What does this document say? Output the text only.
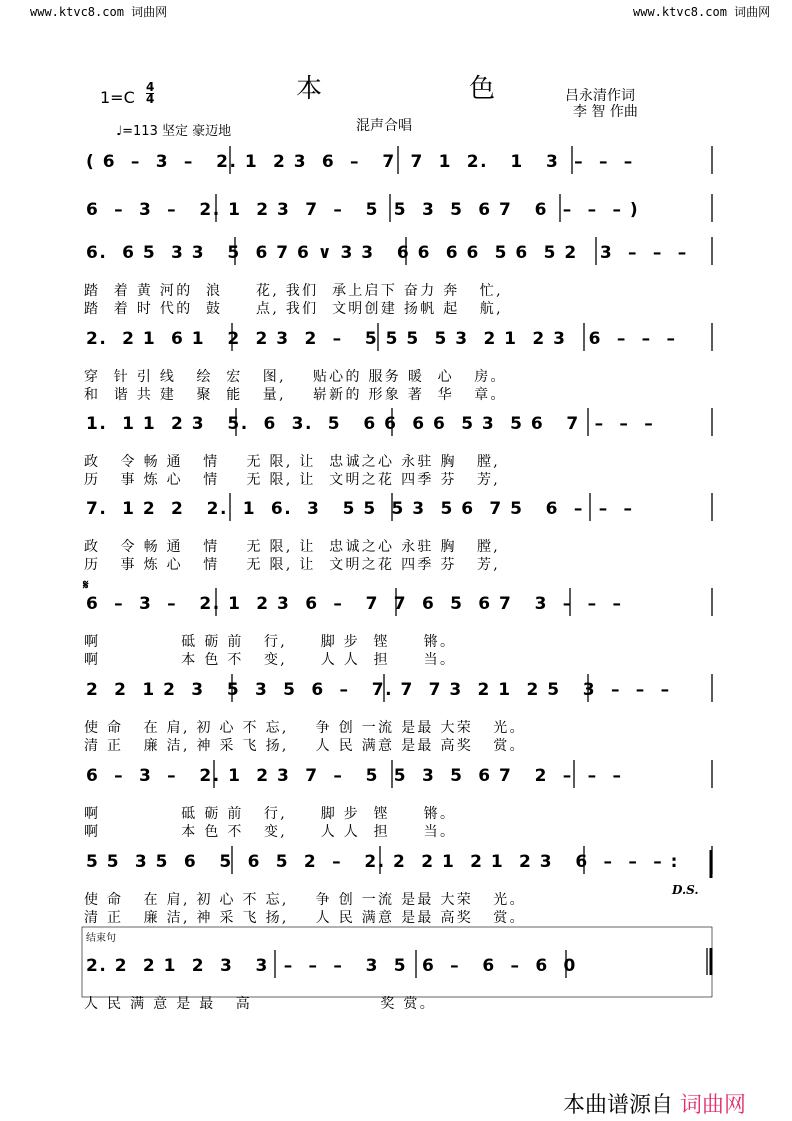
www.ktvc8.com 词曲网	www.ktvc8.com 词曲网
本	色
1=C
4
4	吕永清作词
李 智 作曲
♩=113 坚定 豪迈地	混声合唱
( 6  –  3  –   2. 1  2 3  6  –   7  7  1  2.   1   3  –  –  –
6  –  3  –   2. 1  2 3  7  –   5  5  3  5  6 7   6  –  –  – )
6.  6 5  3 3   5  6 7 6 ∨ 3 3   6 6  6 6  5 6  5 2   3  –  –  –
踏  着 黄 河的  浪     花, 我们  承上启下 奋力 奔   忙,
踏  着 时 代的  鼓     点, 我们  文明创建 扬帆 起   航,
2.  2 1  6 1   2  2 3  2  –   5 5 5  5 3  2 1  2 3   6  –  –  –
穿  针 引 线   绘  宏   图,    贴心的 服务 暖  心   房。
和  谐 共 建   聚  能   量,    崭新的 形象 著  华   章。
1.  1 1  2 3   5.  6  3.  5   6 6  6 6  5 3  5 6   7  –  –  –
政   令 畅 通   情    无 限, 让  忠诚之心 永驻 胸   膛,
历   事 炼 心   情    无 限, 让  文明之花 四季 芬   芳,
7.  1 2  2   2.  1  6.  3   5 5  5 3  5 6  7 5   6  –  –  –
政   令 畅 通   情    无 限, 让  忠诚之心 永驻 胸   膛,
历   事 炼 心   情    无 限, 让  文明之花 四季 芬   芳,
6  –  3  –   2. 1  2 3  6  –   7  7  6  5  6 7   3  –  –  –
啊            砥 砺 前   行,     脚 步  铿     锵。
啊            本 色 不   变,     人 人  担     当。
2  2  1 2  3   5  3  5  6  –   7. 7  7 3  2 1  2 5   3  –  –  –
使 命   在 肩, 初 心 不 忘,    争 创 一流 是最 大荣   光。
清 正   廉 洁, 神 采 飞 扬,    人 民 满意 是最 高奖   赏。
6  –  3  –   2. 1  2 3  7  –   5  5  3  5  6 7   2  –  –  –
啊            砥 砺 前   行,     脚 步  铿     锵。
啊            本 色 不   变,     人 人  担     当。
5 5  3 5  6   5  6  5  2  –   2. 2  2 1  2 1  2 3   6  –  –  – :
使 命   在 肩, 初 心 不 忘,    争 创 一流 是最 大荣   光。
清 正   廉 洁, 神 采 飞 扬,    人 民 满意 是最 高奖   赏。
2. 2  2 1  2  3   3  –  –  –   3  5  6  –   6  –  6  0
人 民 满 意 是 最   高                   奖 赏。
𝄋
D.S.
结束句
本曲谱源自 词曲网
